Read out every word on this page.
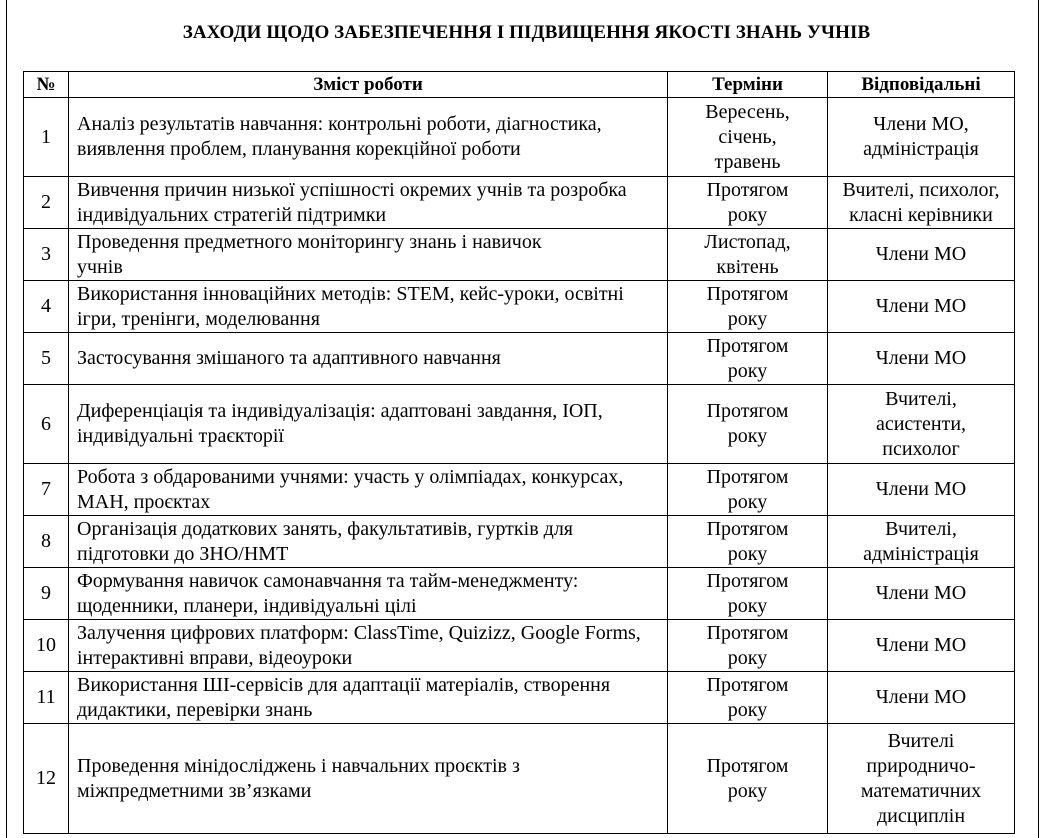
ЗАХОДИ ЩОДО ЗАБЕЗПЕЧЕННЯ І ПІДВИЩЕННЯ ЯКОСТІ ЗНАНЬ УЧНІВ
№	Зміст роботи	Терміни	Відповідальні
1	Аналіз результатів навчання: контрольні роботи, діагностика, виявлення проблем, планування корекційної роботи	Вересень, січень, травень	Члени МО, адміністрація

2	Вивчення причин низької успішності окремих учнів та розробка індивідуальних стратегій підтримки	Протягом року	Вчителі, психолог, класні керівники

3	Проведення предметного моніторингу знань і навичок учнів	Листопад, квітень	Члени МО
4	Використання інноваційних методів: STEM, кейс-уроки, освітні ігри, тренінги, моделювання	Протягом року	Члени МО
5	Застосування змішаного та адаптивного навчання	Протягом року	Члени МО
6	Диференціація та індивідуалізація: адаптовані завдання, ІОП, індивідуальні траєкторії	Протягом року	Вчителі, асистенти, психолог

7	Робота з обдарованими учнями: участь у олімпіадах, конкурсах, МАН, проєктах	Протягом року	Члени МО
8	Організація додаткових занять, факультативів, гуртків для підготовки до ЗНО/НМТ	Протягом року	Вчителі, адміністрація

9	Формування навичок самонавчання та тайм-менеджменту: щоденники, планери, індивідуальні цілі	Протягом року	Члени МО
10	Залучення цифрових платформ: ClassTime, Quizizz, Google Forms, інтерактивні вправи, відеоуроки	Протягом року	Члени МО
11	Використання ШІ-сервісів для адаптації матеріалів, створення дидактики, перевірки знань	Протягом року	Члени МО
12	Проведення мінідосліджень і навчальних проєктів з міжпредметними зв’язками	Протягом року	Вчителі природничо-математичних дисциплін
